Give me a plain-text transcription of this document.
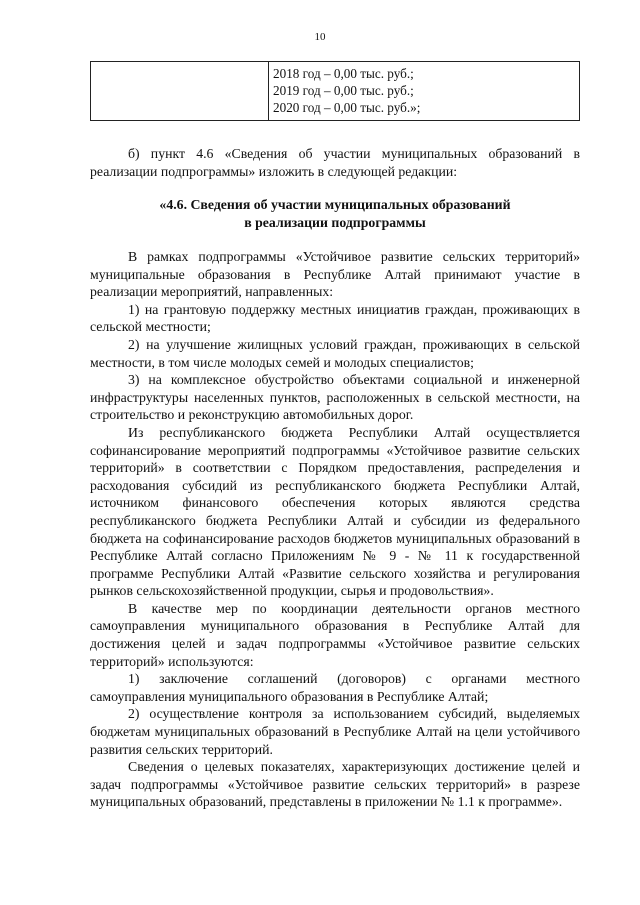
10

2018 год – 0,00 тыс. руб.;
2019 год – 0,00 тыс. руб.;
2020 год – 0,00 тыс. руб.»;

б) пункт 4.6 «Сведения об участии муниципальных образований в реализации подпрограммы» изложить в следующей редакции:

«4.6. Сведения об участии муниципальных образований
в реализации подпрограммы

В рамках подпрограммы «Устойчивое развитие сельских территорий» муниципальные образования в Республике Алтай принимают участие в реализации мероприятий, направленных:

1) на грантовую поддержку местных инициатив граждан, проживающих в сельской местности;

2) на улучшение жилищных условий граждан, проживающих в сельской местности, в том числе молодых семей и молодых специалистов;

3) на комплексное обустройство объектами социальной и инженерной инфраструктуры населенных пунктов, расположенных в сельской местности, на строительство и реконструкцию автомобильных дорог.

Из республиканского бюджета Республики Алтай осуществляется софинансирование мероприятий подпрограммы «Устойчивое развитие сельских территорий» в соответствии с Порядком предоставления, распределения и расходования субсидий из республиканского бюджета Республики Алтай, источником финансового обеспечения которых являются средства республиканского бюджета Республики Алтай и субсидии из федерального бюджета на софинансирование расходов бюджетов муниципальных образований в Республике Алтай согласно Приложениям № 9 - № 11 к государственной программе Республики Алтай «Развитие сельского хозяйства и регулирования рынков сельскохозяйственной продукции, сырья и продовольствия».

В качестве мер по координации деятельности органов местного самоуправления муниципального образования в Республике Алтай для достижения целей и задач подпрограммы «Устойчивое развитие сельских территорий» используются:

1) заключение соглашений (договоров) с органами местного самоуправления муниципального образования в Республике Алтай;

2) осуществление контроля за использованием субсидий, выделяемых бюджетам муниципальных образований в Республике Алтай на цели устойчивого развития сельских территорий.

Сведения о целевых показателях, характеризующих достижение целей и задач подпрограммы «Устойчивое развитие сельских территорий» в разрезе муниципальных образований, представлены в приложении № 1.1 к программе».
